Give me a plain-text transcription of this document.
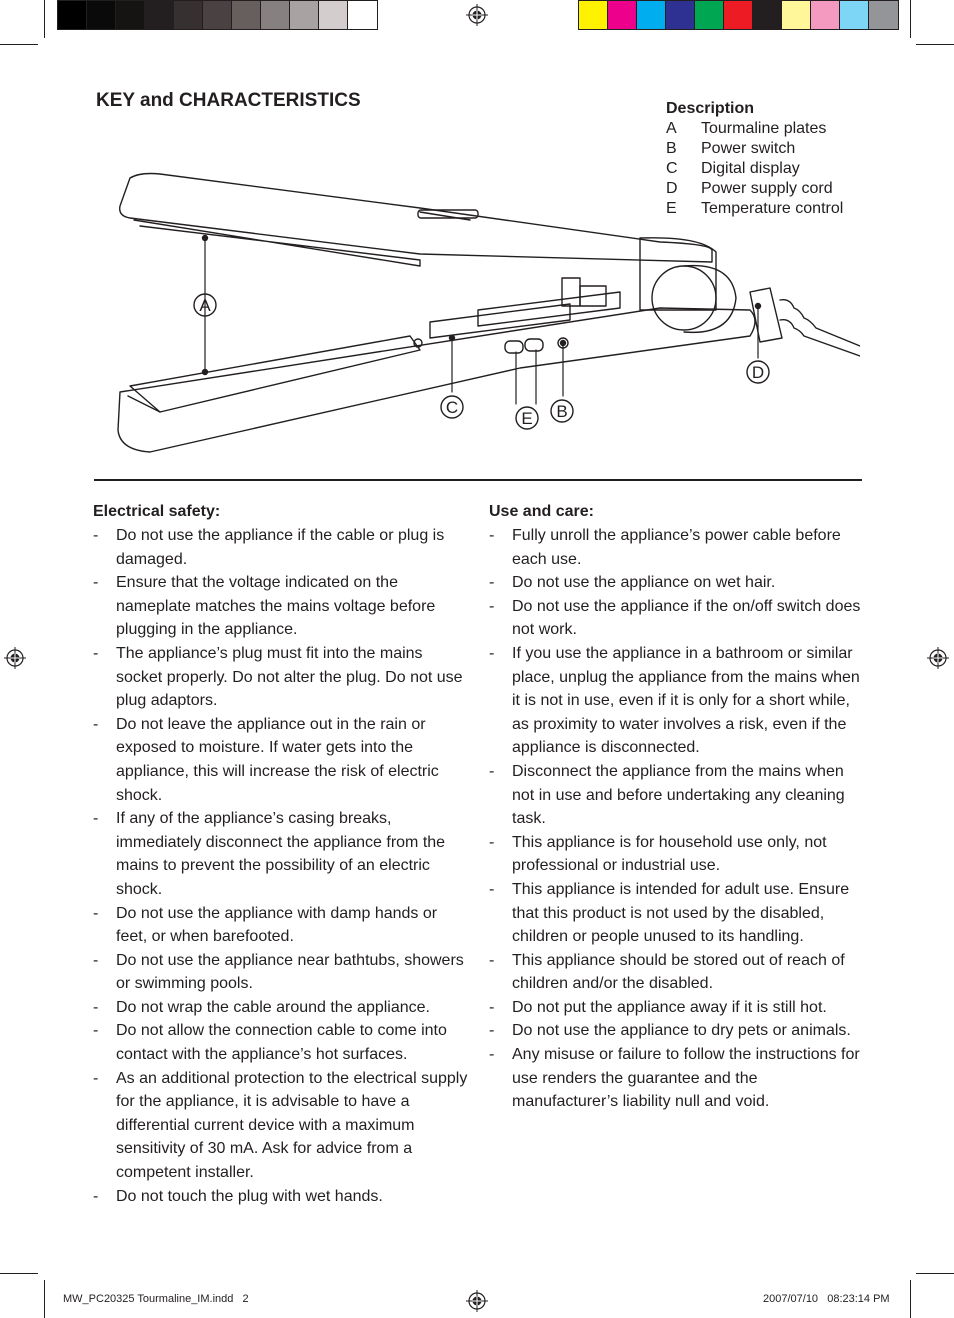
KEY and CHARACTERISTICS	Description
A	Tourmaline plates
B	Power switch
C	Digital display
D	Power supply cord
E	Temperature control
A
C
E B
D
Electrical safety:
- Do not use the appliance if the cable or plug is damaged.
- Ensure that the voltage indicated on the nameplate matches the mains voltage before plugging in the appliance.
- The appliance’s plug must fit into the mains socket properly. Do not alter the plug. Do not use plug adaptors.
- Do not leave the appliance out in the rain or exposed to moisture. If water gets into the appliance, this will increase the risk of electric shock.
- If any of the appliance’s casing breaks, immediately disconnect the appliance from the mains to prevent the possibility of an electric shock.
- Do not use the appliance with damp hands or feet, or when barefooted.
- Do not use the appliance near bathtubs, showers or swimming pools.
- Do not wrap the cable around the appliance.
- Do not allow the connection cable to come into contact with the appliance’s hot surfaces.
- As an additional protection to the electrical supply for the appliance, it is advisable to have a differential current device with a maximum sensitivity of 30 mA. Ask for advice from a competent installer.
- Do not touch the plug with wet hands.
Use and care:
- Fully unroll the appliance’s power cable before each use.
- Do not use the appliance on wet hair.
- Do not use the appliance if the on/off switch does not work.
- If you use the appliance in a bathroom or similar place, unplug the appliance from the mains when it is not in use, even if it is only for a short while, as proximity to water involves a risk, even if the appliance is disconnected.
- Disconnect the appliance from the mains when not in use and before undertaking any cleaning task.
- This appliance is for household use only, not professional or industrial use.
- This appliance is intended for adult use. Ensure that this product is not used by the disabled, children or people unused to its handling.
- This appliance should be stored out of reach of children and/or the disabled.
- Do not put the appliance away if it is still hot.
- Do not use the appliance to dry pets or animals.
- Any misuse or failure to follow the instructions for use renders the guarantee and the manufacturer’s liability null and void.
MW_PC20325 Tourmaline_IM.indd   2	2007/07/10   08:23:14 PM
